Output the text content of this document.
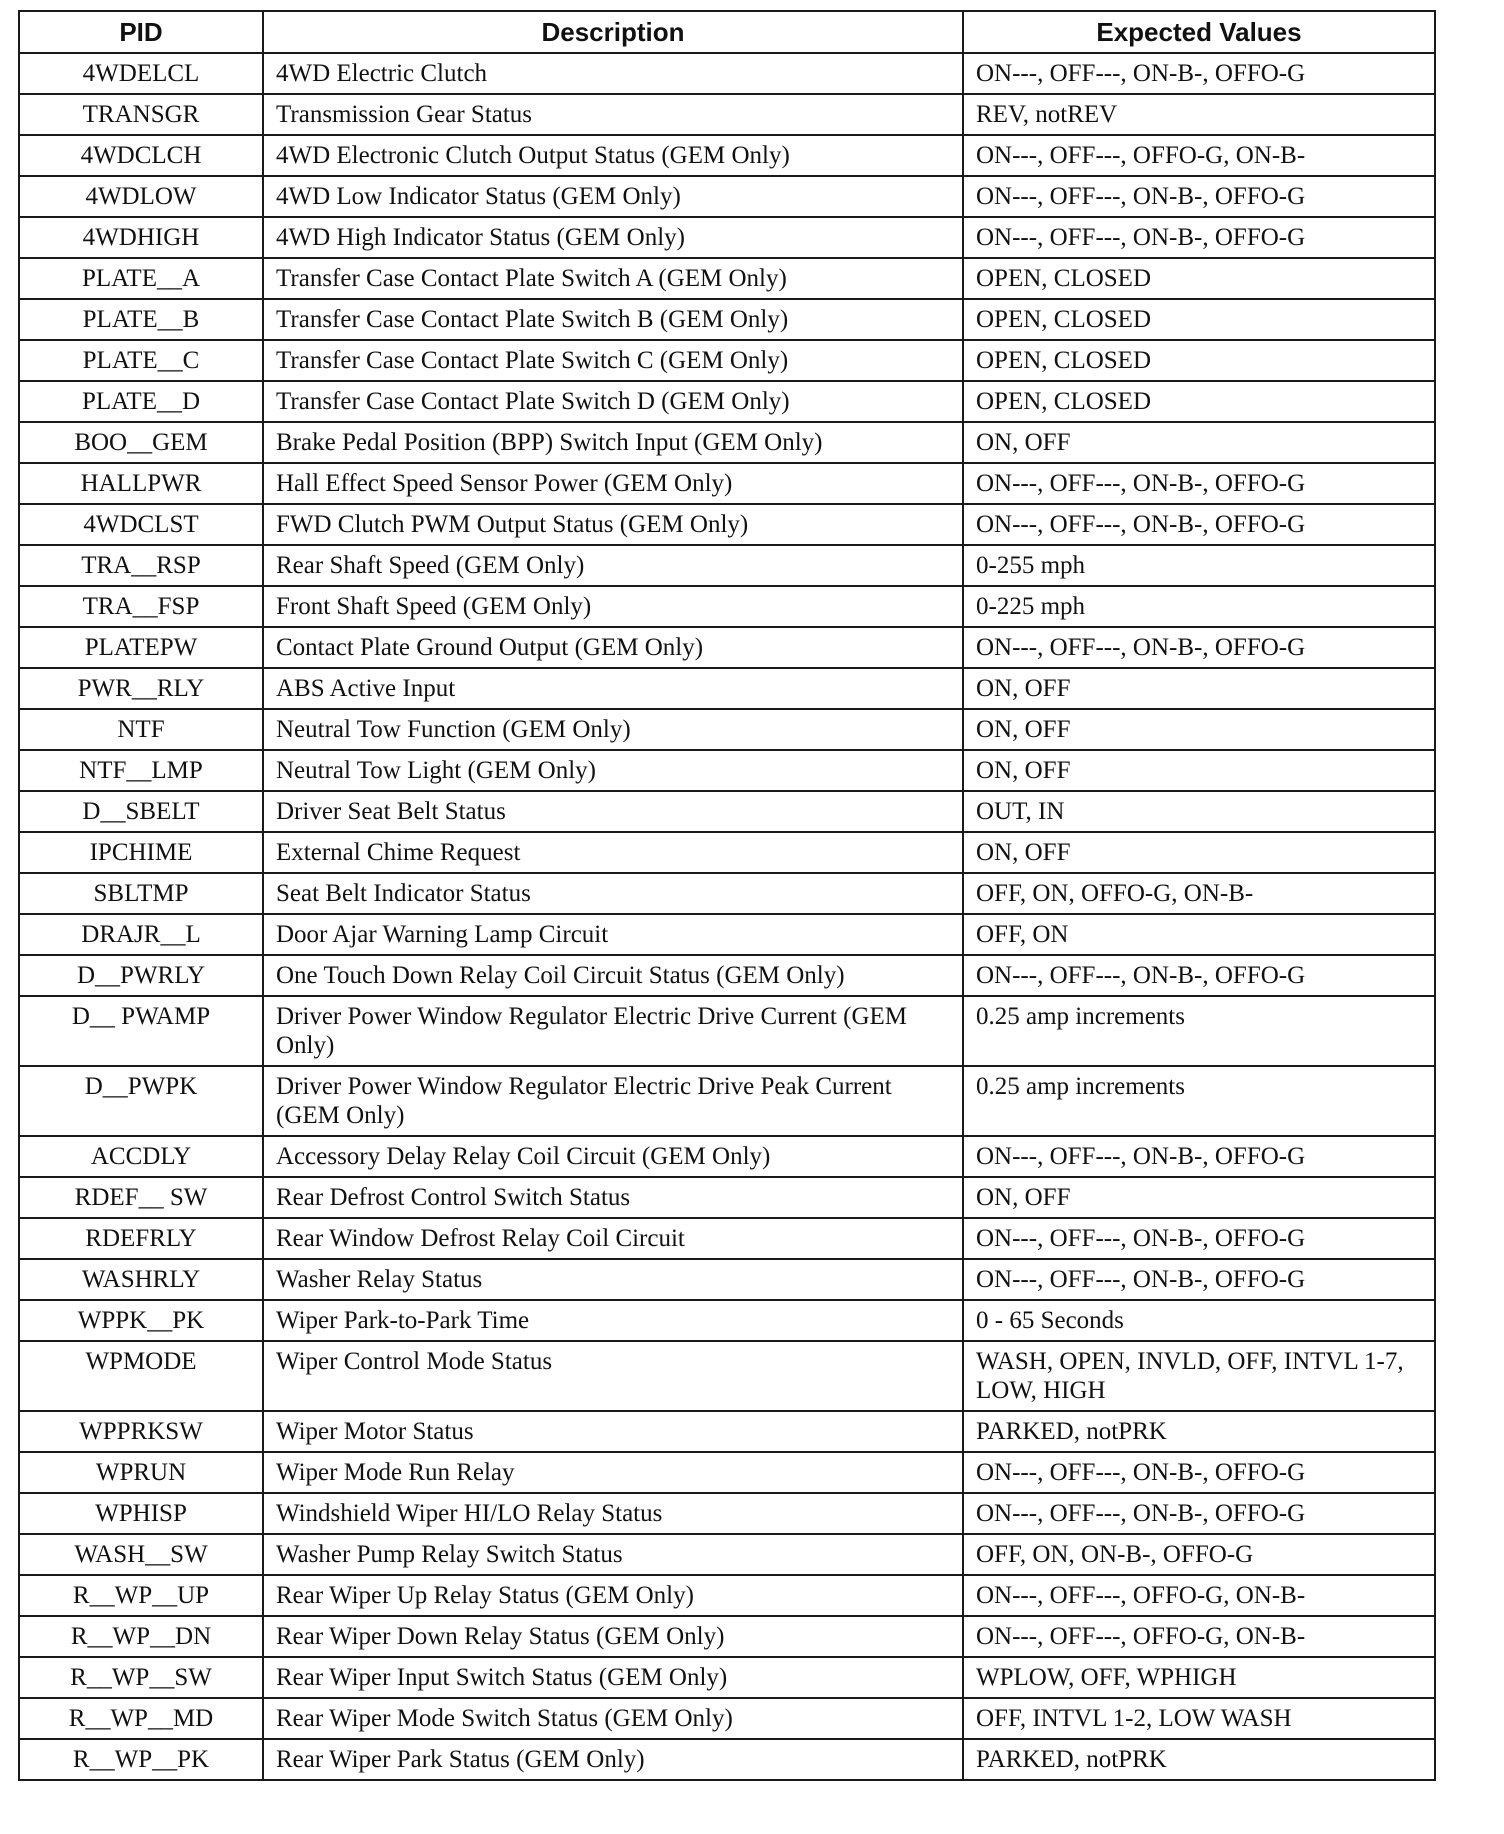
PID	Description	Expected Values
4WDELCL	4WD Electric Clutch	ON---, OFF---, ON-B-, OFFO-G
TRANSGR	Transmission Gear Status	REV, notREV
4WDCLCH	4WD Electronic Clutch Output Status (GEM Only)	ON---, OFF---, OFFO-G, ON-B-
4WDLOW	4WD Low Indicator Status (GEM Only)	ON---, OFF---, ON-B-, OFFO-G
4WDHIGH	4WD High Indicator Status (GEM Only)	ON---, OFF---, ON-B-, OFFO-G
PLATE__A	Transfer Case Contact Plate Switch A (GEM Only)	OPEN, CLOSED
PLATE__B	Transfer Case Contact Plate Switch B (GEM Only)	OPEN, CLOSED
PLATE__C	Transfer Case Contact Plate Switch C (GEM Only)	OPEN, CLOSED
PLATE__D	Transfer Case Contact Plate Switch D (GEM Only)	OPEN, CLOSED
BOO__GEM	Brake Pedal Position (BPP) Switch Input (GEM Only)	ON, OFF
HALLPWR	Hall Effect Speed Sensor Power (GEM Only)	ON---, OFF---, ON-B-, OFFO-G
4WDCLST	FWD Clutch PWM Output Status (GEM Only)	ON---, OFF---, ON-B-, OFFO-G
TRA__RSP	Rear Shaft Speed (GEM Only)	0-255 mph
TRA__FSP	Front Shaft Speed (GEM Only)	0-225 mph
PLATEPW	Contact Plate Ground Output (GEM Only)	ON---, OFF---, ON-B-, OFFO-G
PWR__RLY	ABS Active Input	ON, OFF
NTF	Neutral Tow Function (GEM Only)	ON, OFF
NTF__LMP	Neutral Tow Light (GEM Only)	ON, OFF
D__SBELT	Driver Seat Belt Status	OUT, IN
IPCHIME	External Chime Request	ON, OFF
SBLTMP	Seat Belt Indicator Status	OFF, ON, OFFO-G, ON-B-
DRAJR__L	Door Ajar Warning Lamp Circuit	OFF, ON
D__PWRLY	One Touch Down Relay Coil Circuit Status (GEM Only)	ON---, OFF---, ON-B-, OFFO-G
D__ PWAMP	Driver Power Window Regulator Electric Drive Current (GEM Only)	0.25 amp increments
D__PWPK	Driver Power Window Regulator Electric Drive Peak Current (GEM Only)	0.25 amp increments
ACCDLY	Accessory Delay Relay Coil Circuit (GEM Only)	ON---, OFF---, ON-B-, OFFO-G
RDEF__ SW	Rear Defrost Control Switch Status	ON, OFF
RDEFRLY	Rear Window Defrost Relay Coil Circuit	ON---, OFF---, ON-B-, OFFO-G
WASHRLY	Washer Relay Status	ON---, OFF---, ON-B-, OFFO-G
WPPK__PK	Wiper Park-to-Park Time	0 - 65 Seconds
WPMODE	Wiper Control Mode Status	WASH, OPEN, INVLD, OFF, INTVL 1-7, LOW, HIGH
WPPRKSW	Wiper Motor Status	PARKED, notPRK
WPRUN	Wiper Mode Run Relay	ON---, OFF---, ON-B-, OFFO-G
WPHISP	Windshield Wiper HI/LO Relay Status	ON---, OFF---, ON-B-, OFFO-G
WASH__SW	Washer Pump Relay Switch Status	OFF, ON, ON-B-, OFFO-G
R__WP__UP	Rear Wiper Up Relay Status (GEM Only)	ON---, OFF---, OFFO-G, ON-B-
R__WP__DN	Rear Wiper Down Relay Status (GEM Only)	ON---, OFF---, OFFO-G, ON-B-
R__WP__SW	Rear Wiper Input Switch Status (GEM Only)	WPLOW, OFF, WPHIGH
R__WP__MD	Rear Wiper Mode Switch Status (GEM Only)	OFF, INTVL 1-2, LOW WASH
R__WP__PK	Rear Wiper Park Status (GEM Only)	PARKED, notPRK
